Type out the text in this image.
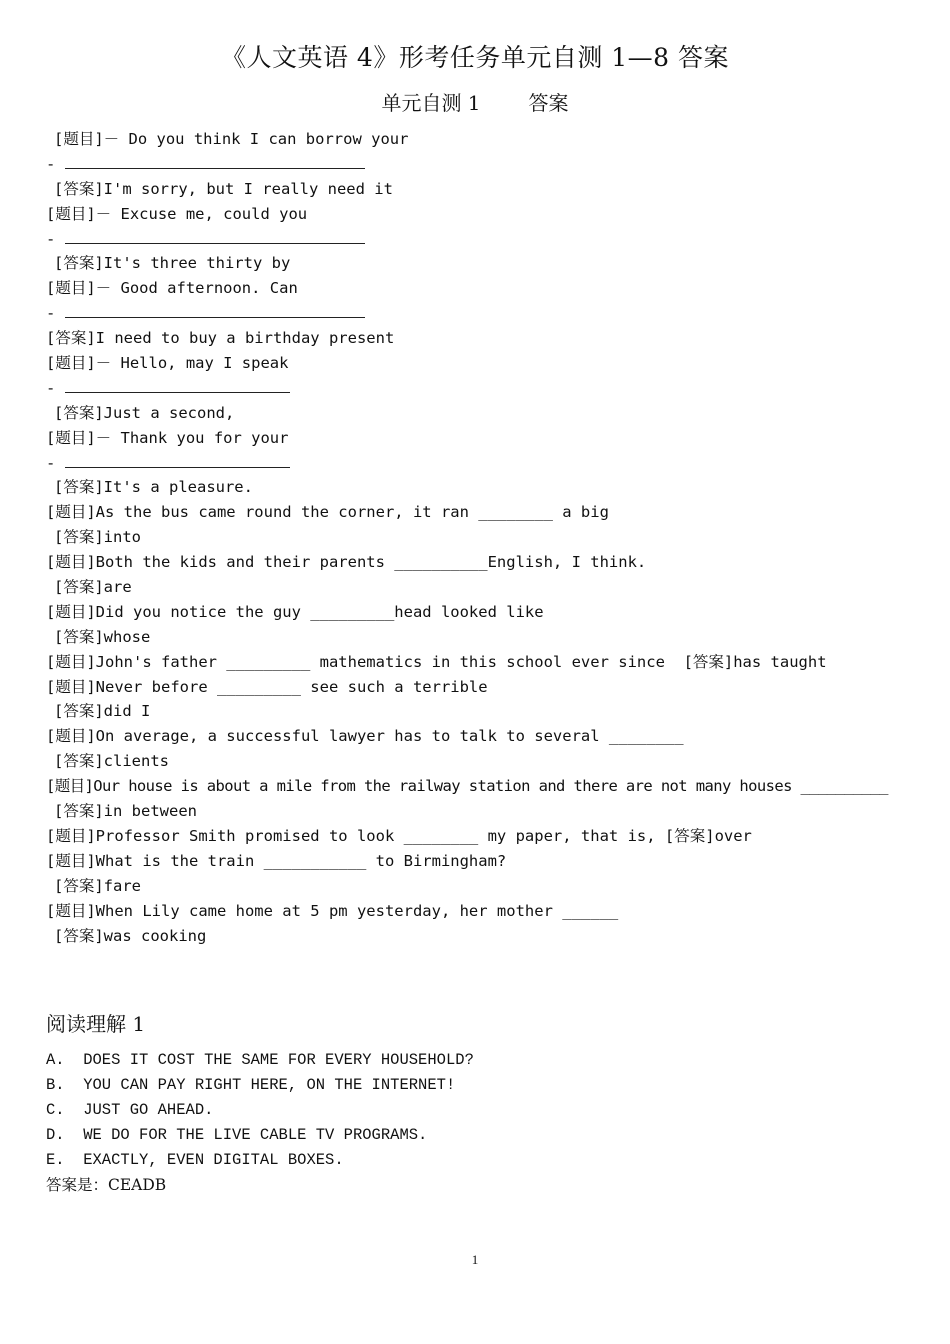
《人文英语 4》形考任务单元自测 1—8 答案
单元自测 1 答案
[题目]－ Do you think I can borrow your
-
[答案]I'm sorry, but I really need it
[题目]－ Excuse me, could you
-
[答案]It's three thirty by
[题目]－ Good afternoon. Can
-
[答案]I need to buy a birthday present
[题目]－ Hello, may I speak
-
[答案]Just a second,
[题目]－ Thank you for your
-
[答案]It's a pleasure.
[题目]As the bus came round the corner, it ran ________ a big
[答案]into
[题目]Both the kids and their parents __________English, I think.
[答案]are
[题目]Did you notice the guy _________head looked like
[答案]whose
[题目]John's father _________ mathematics in this school ever since  [答案]has taught
[题目]Never before _________ see such a terrible
[答案]did I
[题目]On average, a successful lawyer has to talk to several ________
[答案]clients
[题目]Our house is about a mile from the railway station and there are not many houses __________
[答案]in between
[题目]Professor Smith promised to look ________ my paper, that is, [答案]over
[题目]What is the train ___________ to Birmingham?
[答案]fare
[题目]When Lily came home at 5 pm yesterday, her mother ______
[答案]was cooking
阅读理解 1
A.  DOES IT COST THE SAME FOR EVERY HOUSEHOLD?
B.  YOU CAN PAY RIGHT HERE, ON THE INTERNET!
C.  JUST GO AHEAD.
D.  WE DO FOR THE LIVE CABLE TV PROGRAMS.
E.  EXACTLY, EVEN DIGITAL BOXES.
答案是：CEADB
1
